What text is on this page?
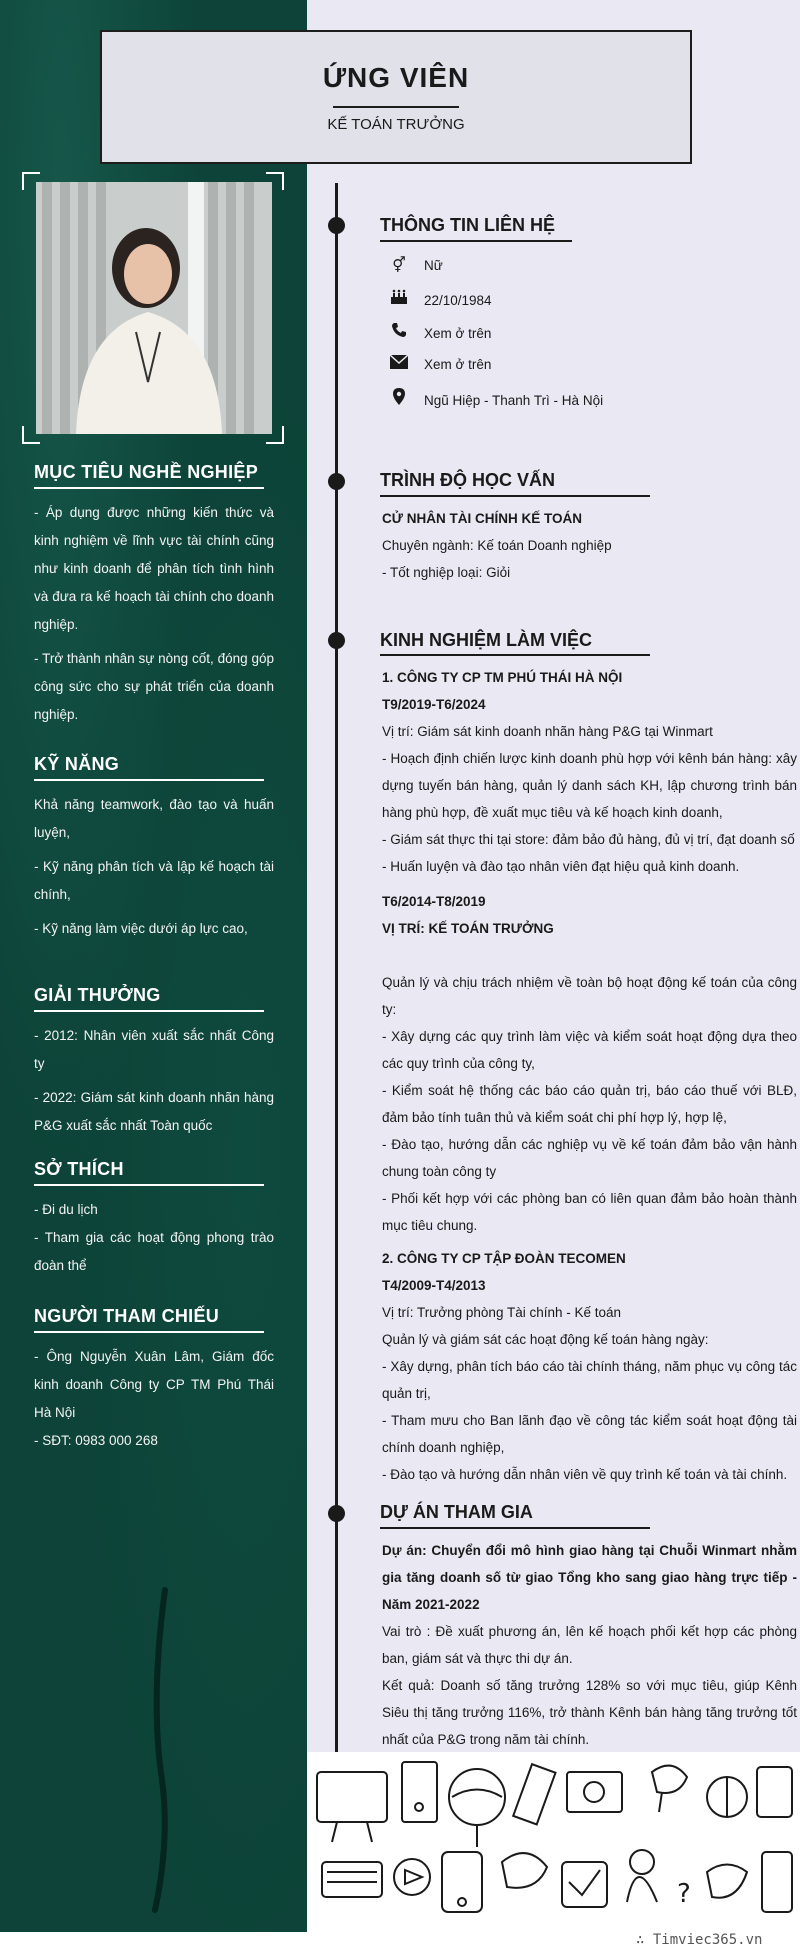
ỨNG VIÊN
KẾ TOÁN TRƯỞNG
MỤC TIÊU NGHỀ NGHIỆP

- Áp dụng được những kiến thức và kinh nghiệm về lĩnh vực tài chính cũng như kinh doanh để phân tích tình hình và đưa ra kế hoạch tài chính cho doanh nghiệp.

- Trở thành nhân sự nòng cốt, đóng góp công sức cho sự phát triển của doanh nghiệp.

KỸ NĂNG

Khả năng teamwork, đào tạo và huấn luyện,

- Kỹ năng phân tích và lập kế hoạch tài chính,

- Kỹ năng làm việc dưới áp lực cao,

GIẢI THƯỞNG

- 2012: Nhân viên xuất sắc nhất Công ty

- 2022: Giám sát kinh doanh nhãn hàng P&G xuất sắc nhất Toàn quốc

SỞ THÍCH

- Đi du lịch

- Tham gia các hoạt động phong trào đoàn thể

NGƯỜI THAM CHIẾU

- Ông Nguyễn Xuân Lâm, Giám đốc kinh doanh Công ty CP TM Phú Thái Hà Nội

- SĐT: 0983 000 268

THÔNG TIN LIÊN HỆ
⚥ Nữ
22/10/1984
Xem ở trên
Xem ở trên
Ngũ Hiệp - Thanh Trì - Hà Nội
TRÌNH ĐỘ HỌC VẤN

CỬ NHÂN TÀI CHÍNH KẾ TOÁN

Chuyên ngành: Kế toán Doanh nghiệp

- Tốt nghiệp loại: Giỏi

KINH NGHIỆM LÀM VIỆC

1. CÔNG TY CP TM PHÚ THÁI HÀ NỘI

T9/2019-T6/2024

Vị trí: Giám sát kinh doanh nhãn hàng P&G tại Winmart

- Hoạch định chiến lược kinh doanh phù hợp với kênh bán hàng: xây dựng tuyến bán hàng, quản lý danh sách KH, lập chương trình bán hàng phù hợp, đề xuất mục tiêu và kế hoạch kinh doanh,

- Giám sát thực thi tại store: đảm bảo đủ hàng, đủ vị trí, đạt doanh số

- Huấn luyện và đào tạo nhân viên đạt hiệu quả kinh doanh.

T6/2014-T8/2019

VỊ TRÍ: KẾ TOÁN TRƯỞNG

Quản lý và chịu trách nhiệm về toàn bộ hoạt động kế toán của công ty:

- Xây dựng các quy trình làm việc và kiểm soát hoạt động dựa theo các quy trình của công ty,

- Kiểm soát hệ thống các báo cáo quản trị, báo cáo thuế với BLĐ, đảm bảo tính tuân thủ và kiểm soát chi phí hợp lý, hợp lệ,

- Đào tạo, hướng dẫn các nghiệp vụ về kế toán đảm bảo vận hành chung toàn công ty

- Phối kết hợp với các phòng ban có liên quan đảm bảo hoàn thành mục tiêu chung.

2. CÔNG TY CP TẬP ĐOÀN TECOMEN

T4/2009-T4/2013

Vị trí: Trưởng phòng Tài chính - Kế toán

Quản lý và giám sát các hoạt động kế toán hàng ngày:

- Xây dựng, phân tích báo cáo tài chính tháng, năm phục vụ công tác quản trị,

- Tham mưu cho Ban lãnh đạo về công tác kiểm soát hoạt động tài chính doanh nghiệp,

- Đào tạo và hướng dẫn nhân viên về quy trình kế toán và tài chính.

DỰ ÁN THAM GIA

Dự án: Chuyển đổi mô hình giao hàng tại Chuỗi Winmart nhằm gia tăng doanh số từ giao Tổng kho sang giao hàng trực tiếp - Năm 2021-2022

Vai trò : Đề xuất phương án, lên kế hoạch phối kết hợp các phòng ban, giám sát và thực thi dự án.

Kết quả: Doanh số tăng trưởng 128% so với mục tiêu, giúp Kênh Siêu thị tăng trưởng 116%, trở thành Kênh bán hàng tăng trưởng tốt nhất của P&G trong năm tài chính.

?
∴ Timviec365.vn
